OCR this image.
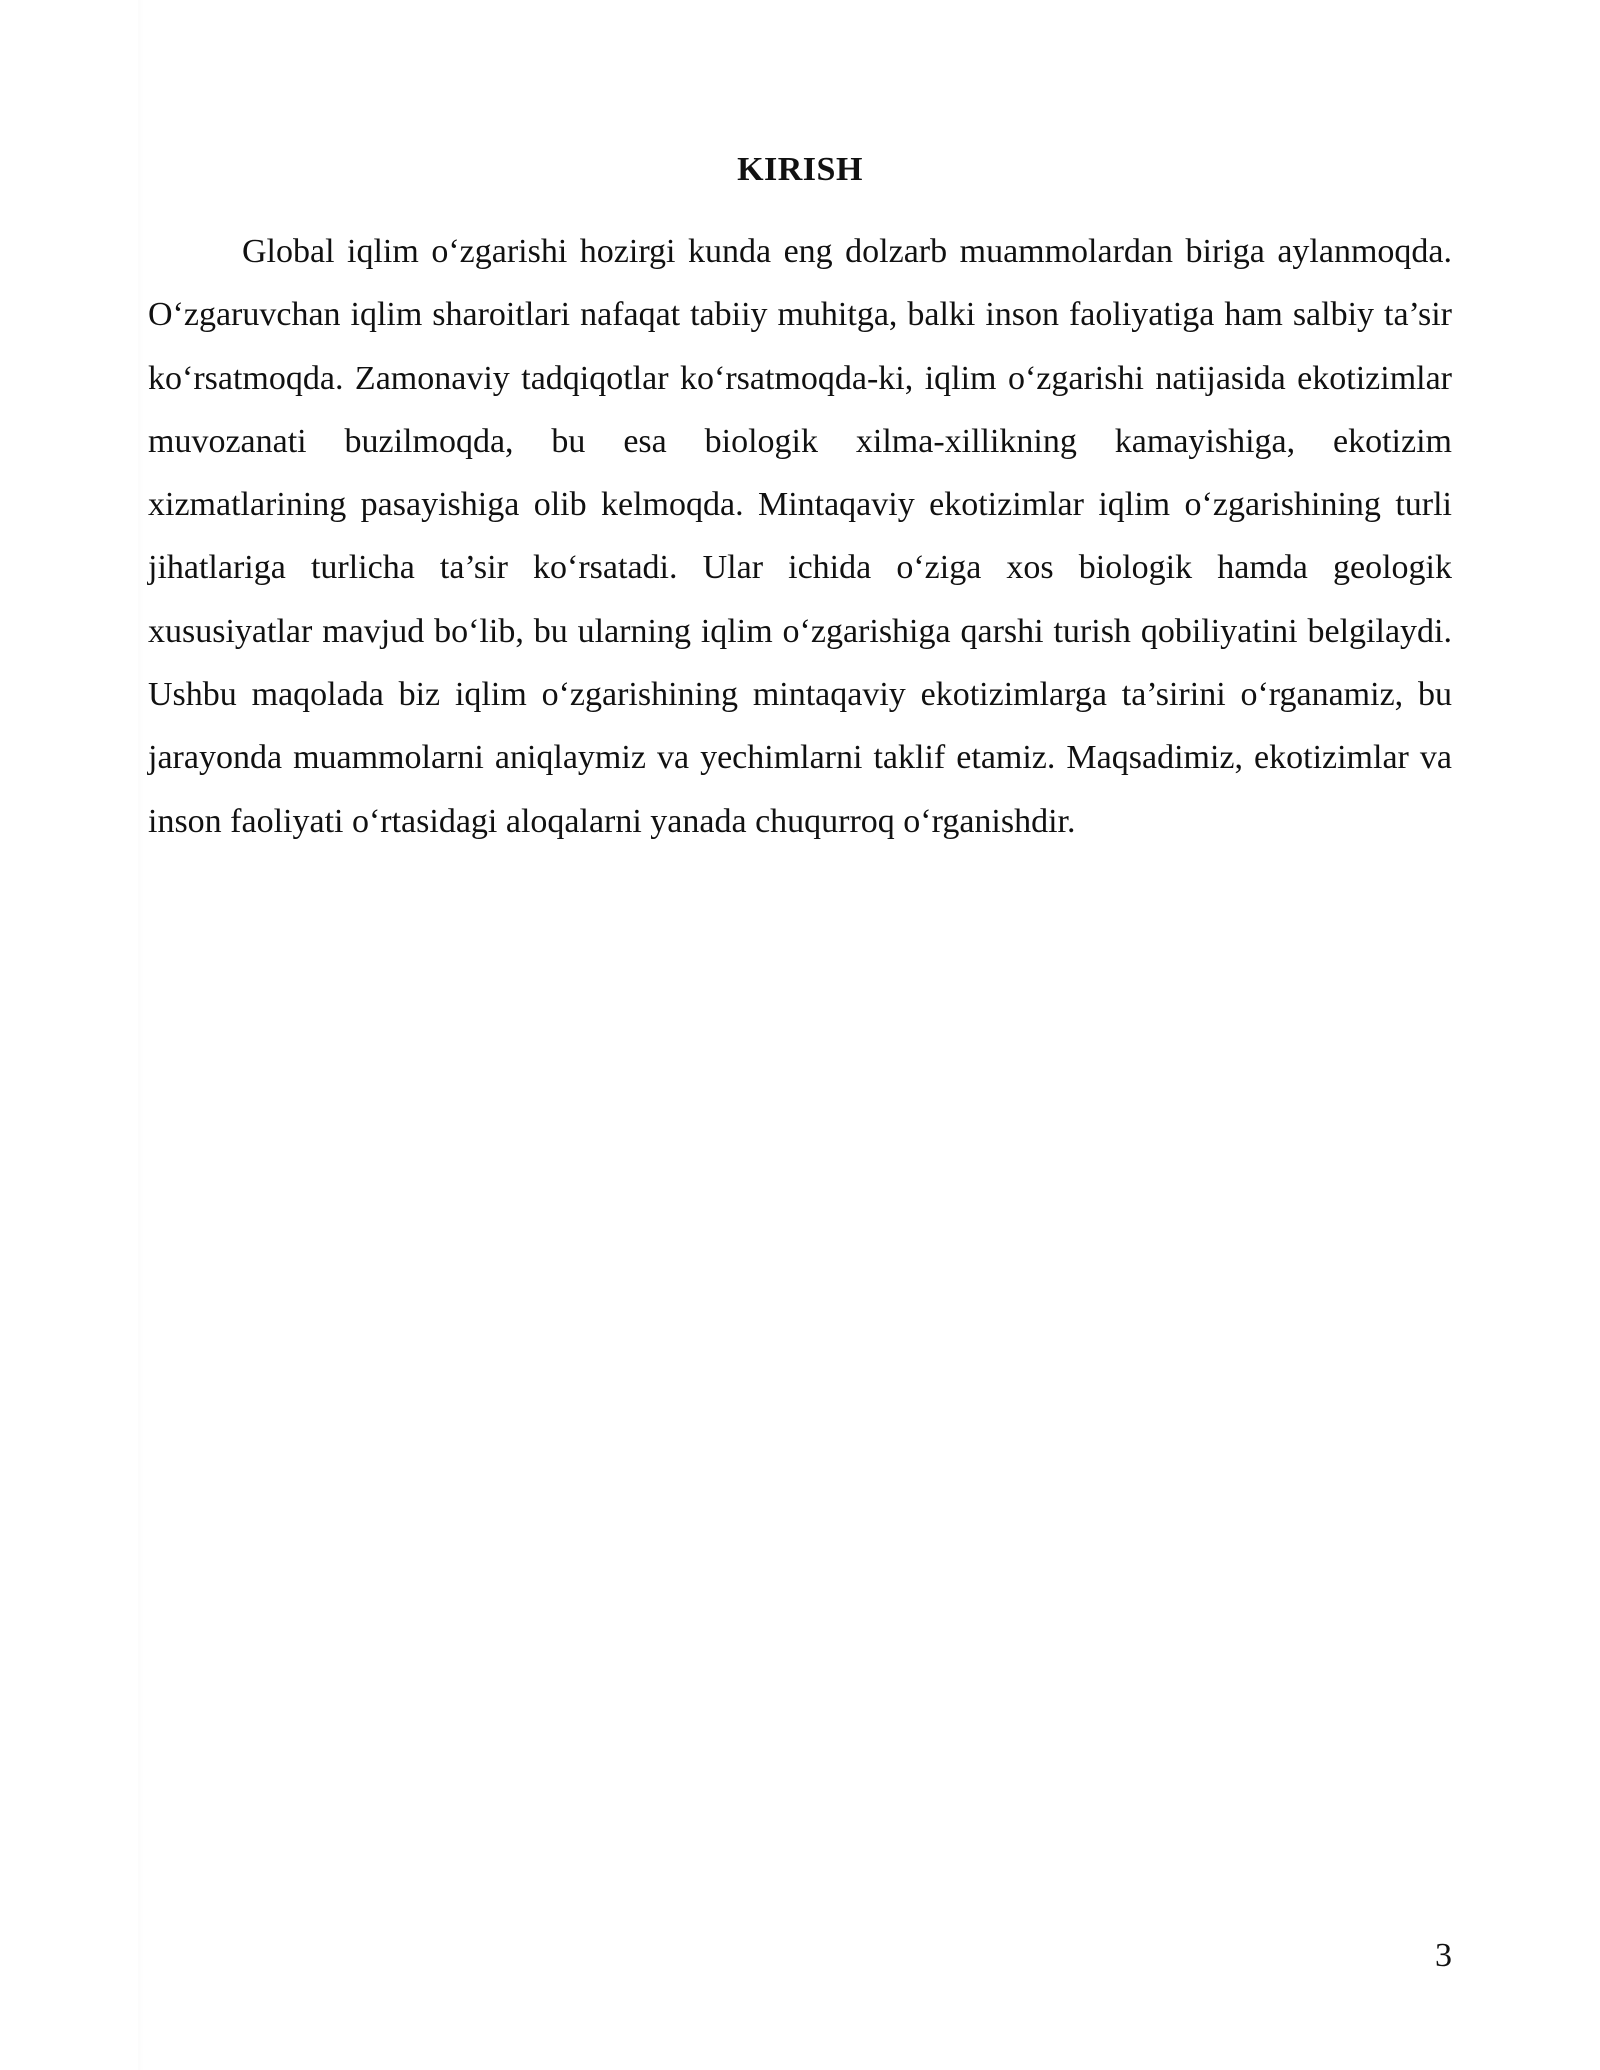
KIRISH

Global iqlim o‘zgarishi hozirgi kunda eng dolzarb muammolardan biriga aylanmoqda. O‘zgaruvchan iqlim sharoitlari nafaqat tabiiy muhitga, balki inson faoliyatiga ham salbiy ta’sir ko‘rsatmoqda. Zamonaviy tadqiqotlar ko‘rsatmoqda-ki, iqlim o‘zgarishi natijasida ekotizimlar muvozanati buzilmoqda, bu esa biologik xilma-xillikning kamayishiga, ekotizim xizmatlarining pasayishiga olib kelmoqda. Mintaqaviy ekotizimlar iqlim o‘zgarishining turli jihatlariga turlicha ta’sir ko‘rsatadi. Ular ichida o‘ziga xos biologik hamda geologik xususiyatlar mavjud bo‘lib, bu ularning iqlim o‘zgarishiga qarshi turish qobiliyatini belgilaydi. Ushbu maqolada biz iqlim o‘zgarishining mintaqaviy ekotizimlarga ta’sirini o‘rganamiz, bu jarayonda muammolarni aniqlaymiz va yechimlarni taklif etamiz. Maqsadimiz, ekotizimlar va inson faoliyati o‘rtasidagi aloqalarni yanada chuqurroq o‘rganishdir.

3
